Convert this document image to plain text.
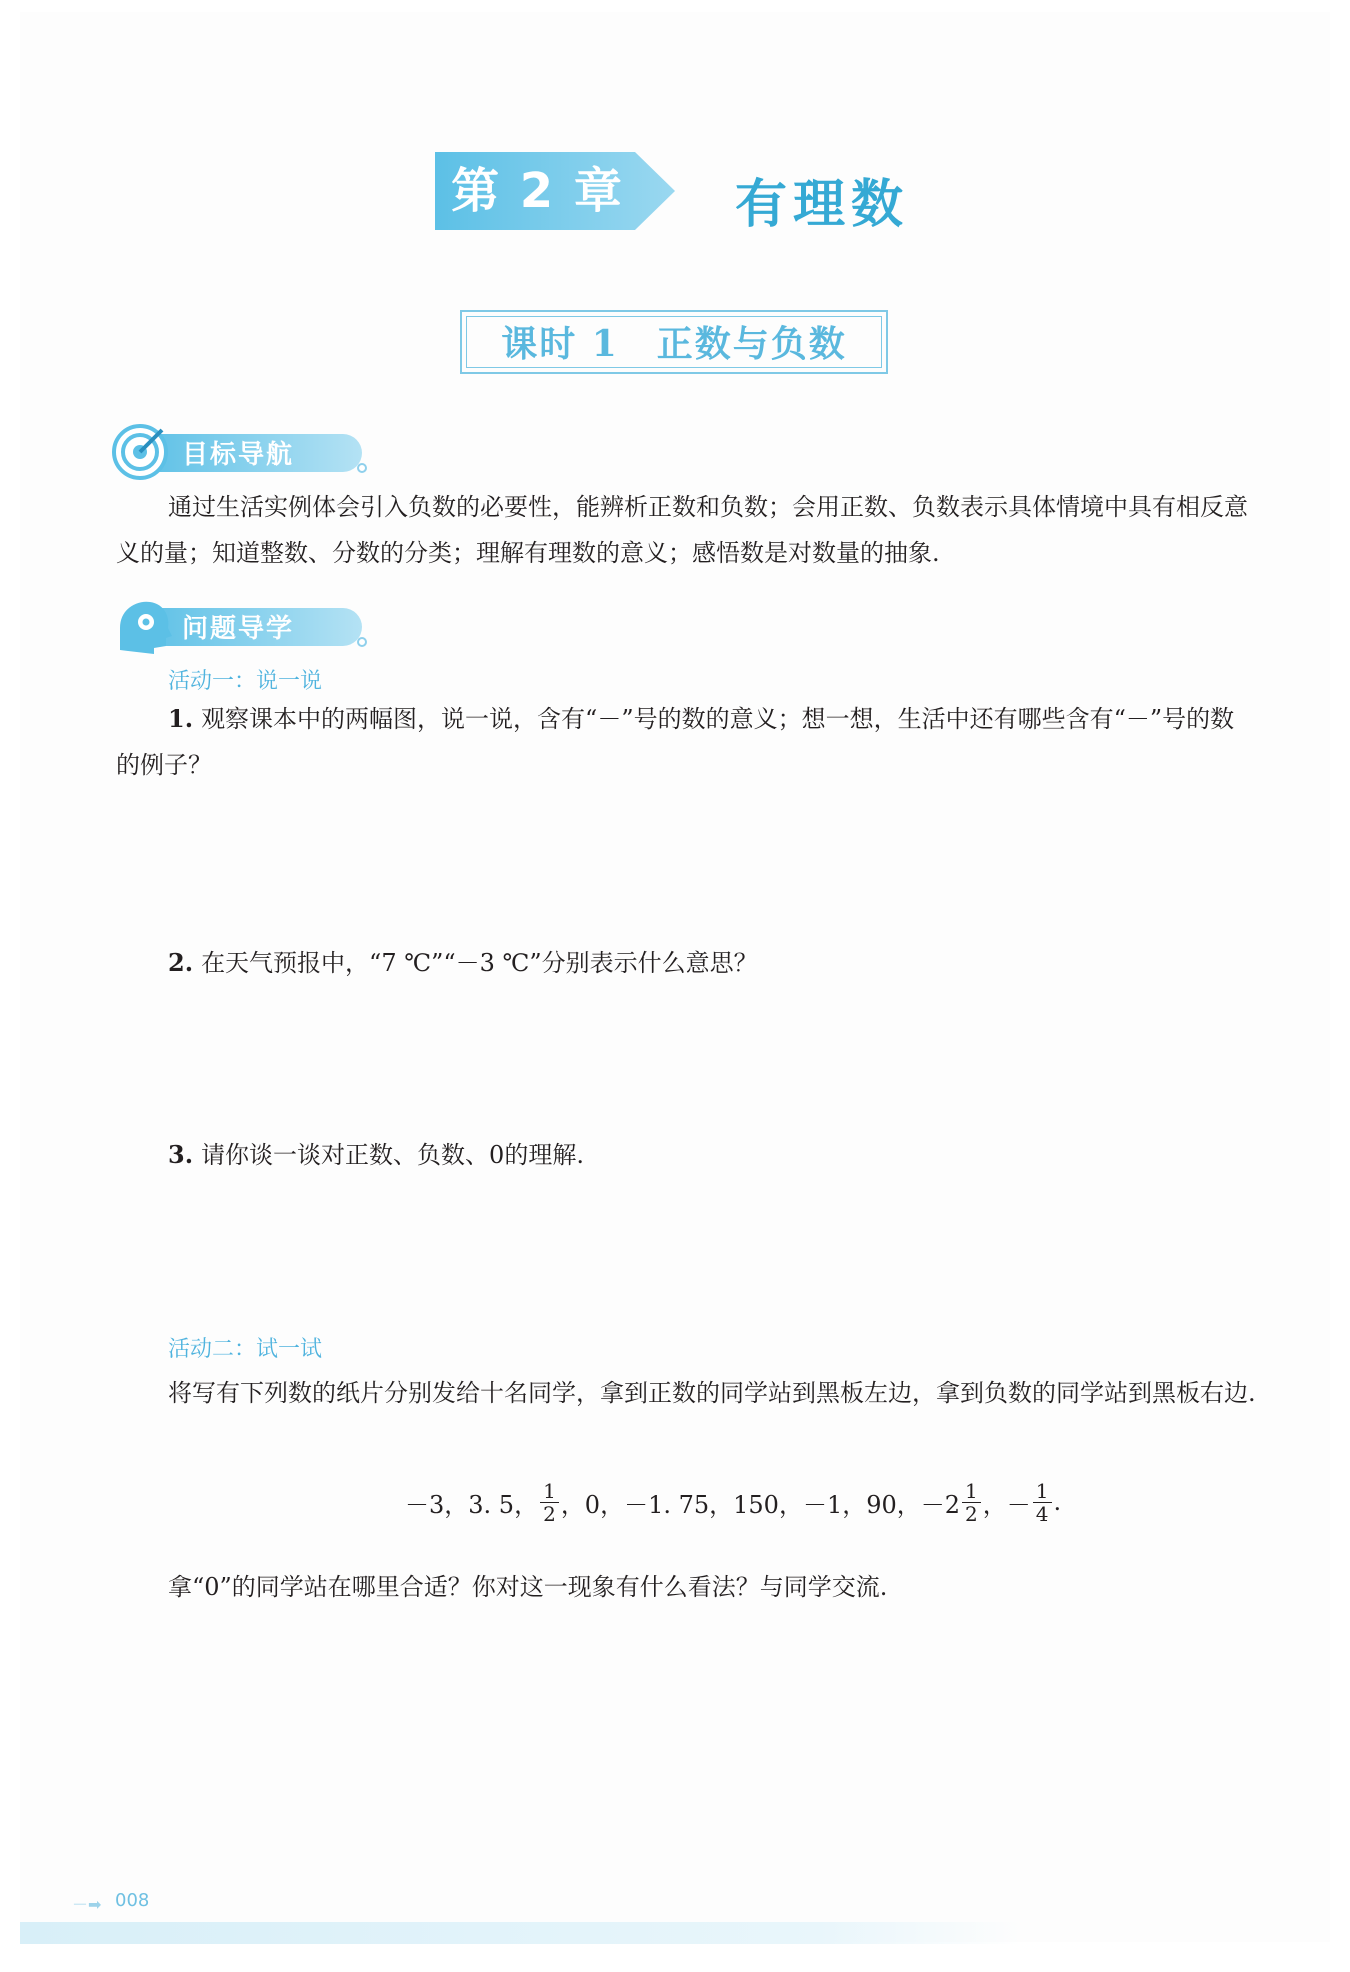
第 2 章	有理数
课时 1　正数与负数
目标导航
通过生活实例体会引入负数的必要性，能辨析正数和负数；会用正数、负数表示具体情境中具有相反意义的量；知道整数、分数的分类；理解有理数的意义；感悟数是对数量的抽象.
问题导学
活动一：说一说
1. 观察课本中的两幅图，说一说，含有“－”号的数的意义；想一想，生活中还有哪些含有“－”号的数的例子？
2. 在天气预报中，“7 ℃”“－3 ℃”分别表示什么意思？
3. 请你谈一谈对正数、负数、0的理解.
活动二：试一试
将写有下列数的纸片分别发给十名同学，拿到正数的同学站到黑板左边，拿到负数的同学站到黑板右边.
－3，3. 5， $\frac{1}{2}$ ，0，－1. 75，150，－1，90，$-2 \frac{1}{2}$ ，－ $\frac{1}{4}$ .
拿“0”的同学站在哪里合适？你对这一现象有什么看法？与同学交流.
－➡ 008
